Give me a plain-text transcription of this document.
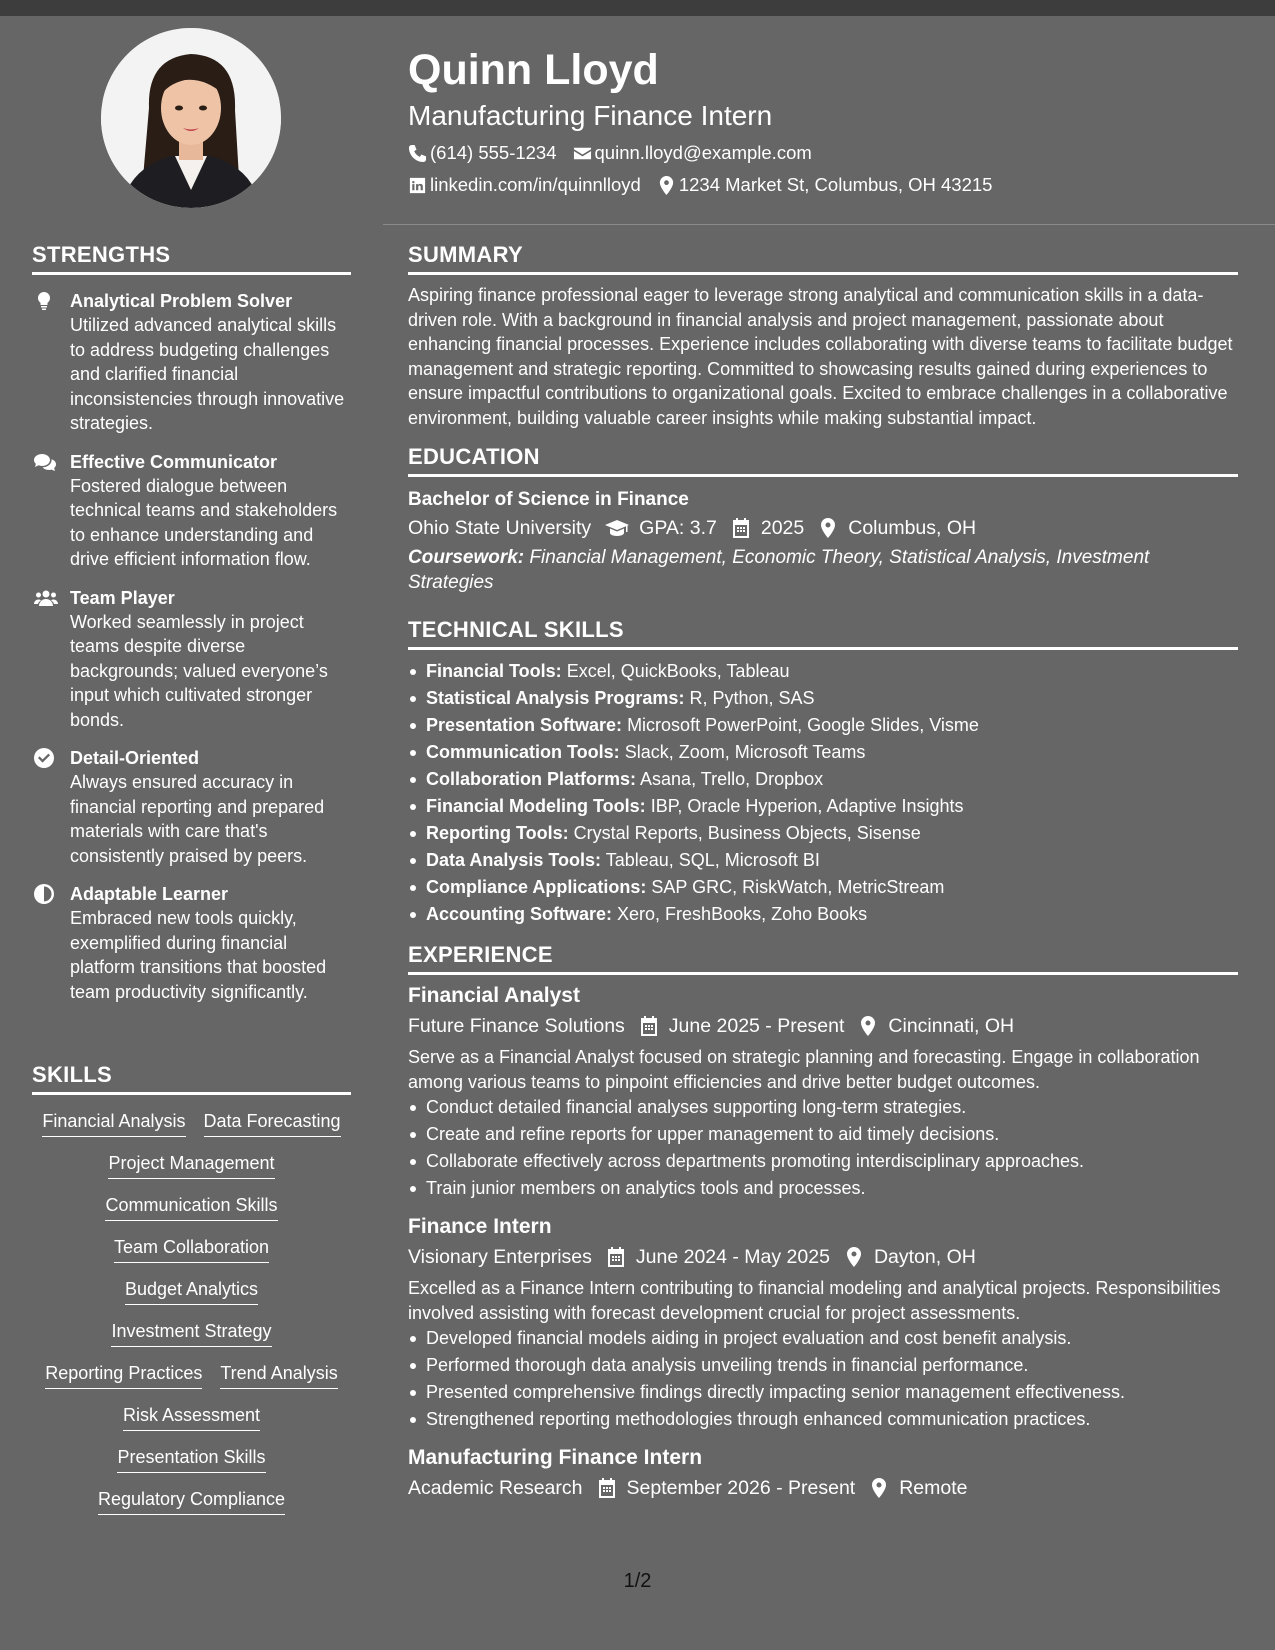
STRENGTHS
Analytical Problem Solver
Utilized advanced analytical skills to address budgeting challenges and clarified financial inconsistencies through innovative strategies.
Effective Communicator
Fostered dialogue between technical teams and stakeholders to enhance understanding and drive efficient information flow.
Team Player
Worked seamlessly in project teams despite diverse backgrounds; valued everyone’s input which cultivated stronger bonds.
Detail-Oriented
Always ensured accuracy in financial reporting and prepared materials with care that's consistently praised by peers.
Adaptable Learner
Embraced new tools quickly, exemplified during financial platform transitions that boosted team productivity significantly.
SKILLS
Financial Analysis Data Forecasting
Project Management
Communication Skills
Team Collaboration
Budget Analytics
Investment Strategy
Reporting Practices Trend Analysis
Risk Assessment
Presentation Skills
Regulatory Compliance
Quinn Lloyd
Manufacturing Finance Intern
(614) 555-1234 quinn.lloyd@example.com
linkedin.com/in/quinnlloyd 1234 Market St, Columbus, OH 43215
SUMMARY
Aspiring finance professional eager to leverage strong analytical and communication skills in a data-driven role. With a background in financial analysis and project management, passionate about enhancing financial processes. Experience includes collaborating with diverse teams to facilitate budget management and strategic reporting. Committed to showcasing results gained during experiences to ensure impactful contributions to organizational goals. Excited to embrace challenges in a collaborative environment, building valuable career insights while making substantial impact.
EDUCATION
Bachelor of Science in Finance
Ohio State University GPA: 3.7 2025 Columbus, OH
Coursework: Financial Management, Economic Theory, Statistical Analysis, Investment Strategies
TECHNICAL SKILLS
Financial Tools: Excel, QuickBooks, Tableau
Statistical Analysis Programs: R, Python, SAS
Presentation Software: Microsoft PowerPoint, Google Slides, Visme
Communication Tools: Slack, Zoom, Microsoft Teams
Collaboration Platforms: Asana, Trello, Dropbox
Financial Modeling Tools: IBP, Oracle Hyperion, Adaptive Insights
Reporting Tools: Crystal Reports, Business Objects, Sisense
Data Analysis Tools: Tableau, SQL, Microsoft BI
Compliance Applications: SAP GRC, RiskWatch, MetricStream
Accounting Software: Xero, FreshBooks, Zoho Books
EXPERIENCE
Financial Analyst
Future Finance Solutions June 2025 - Present Cincinnati, OH
Serve as a Financial Analyst focused on strategic planning and forecasting. Engage in collaboration among various teams to pinpoint efficiencies and drive better budget outcomes.
Conduct detailed financial analyses supporting long-term strategies.
Create and refine reports for upper management to aid timely decisions.
Collaborate effectively across departments promoting interdisciplinary approaches.
Train junior members on analytics tools and processes.
Finance Intern
Visionary Enterprises June 2024 - May 2025 Dayton, OH
Excelled as a Finance Intern contributing to financial modeling and analytical projects. Responsibilities involved assisting with forecast development crucial for project assessments.
Developed financial models aiding in project evaluation and cost benefit analysis.
Performed thorough data analysis unveiling trends in financial performance.
Presented comprehensive findings directly impacting senior management effectiveness.
Strengthened reporting methodologies through enhanced communication practices.
Manufacturing Finance Intern
Academic Research September 2026 - Present Remote
1/2
